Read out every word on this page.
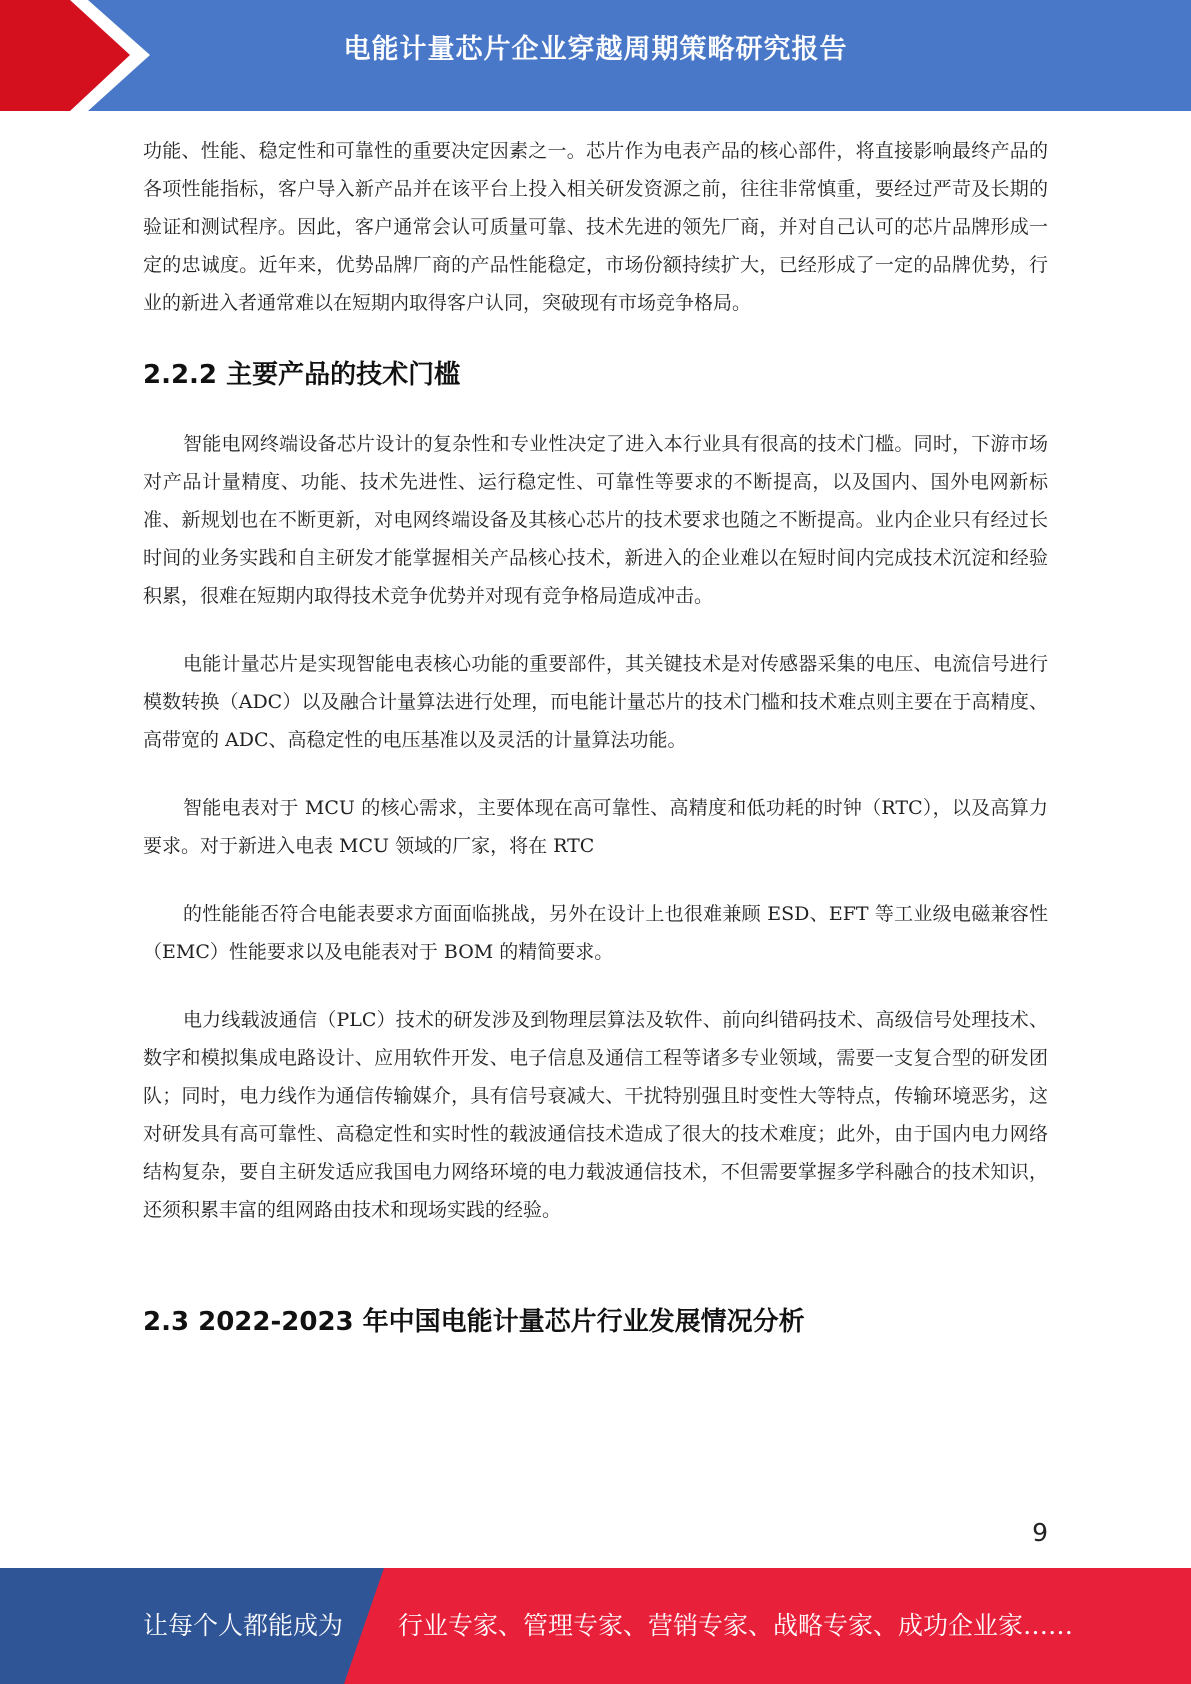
电能计量芯片企业穿越周期策略研究报告

功能、性能、稳定性和可靠性的重要决定因素之一。芯片作为电表产品的核心部件，将直接影响最终产品的各项性能指标，客户导入新产品并在该平台上投入相关研发资源之前，往往非常慎重，要经过严苛及长期的验证和测试程序。因此，客户通常会认可质量可靠、技术先进的领先厂商，并对自己认可的芯片品牌形成一定的忠诚度。近年来，优势品牌厂商的产品性能稳定，市场份额持续扩大，已经形成了一定的品牌优势，行业的新进入者通常难以在短期内取得客户认同，突破现有市场竞争格局。

2.2.2 主要产品的技术门槛

智能电网终端设备芯片设计的复杂性和专业性决定了进入本行业具有很高的技术门槛。同时，下游市场对产品计量精度、功能、技术先进性、运行稳定性、可靠性等要求的不断提高，以及国内、国外电网新标准、新规划也在不断更新，对电网终端设备及其核心芯片的技术要求也随之不断提高。业内企业只有经过长时间的业务实践和自主研发才能掌握相关产品核心技术，新进入的企业难以在短时间内完成技术沉淀和经验积累，很难在短期内取得技术竞争优势并对现有竞争格局造成冲击。

电能计量芯片是实现智能电表核心功能的重要部件，其关键技术是对传感器采集的电压、电流信号进行模数转换（ADC）以及融合计量算法进行处理，而电能计量芯片的技术门槛和技术难点则主要在于高精度、高带宽的 ADC、高稳定性的电压基准以及灵活的计量算法功能。

智能电表对于 MCU 的核心需求，主要体现在高可靠性、高精度和低功耗的时钟（RTC），以及高算力要求。对于新进入电表 MCU 领域的厂家，将在 RTC

的性能能否符合电能表要求方面面临挑战，另外在设计上也很难兼顾 ESD、EFT 等工业级电磁兼容性（EMC）性能要求以及电能表对于 BOM 的精简要求。

电力线载波通信（PLC）技术的研发涉及到物理层算法及软件、前向纠错码技术、高级信号处理技术、数字和模拟集成电路设计、应用软件开发、电子信息及通信工程等诸多专业领域，需要一支复合型的研发团队；同时，电力线作为通信传输媒介，具有信号衰减大、干扰特别强且时变性大等特点，传输环境恶劣，这对研发具有高可靠性、高稳定性和实时性的载波通信技术造成了很大的技术难度；此外，由于国内电力网络结构复杂，要自主研发适应我国电力网络环境的电力载波通信技术，不但需要掌握多学科融合的技术知识，还须积累丰富的组网路由技术和现场实践的经验。

2.3 2022-2023 年中国电能计量芯片行业发展情况分析
9
让每个人都能成为 行业专家、管理专家、营销专家、战略专家、成功企业家……
